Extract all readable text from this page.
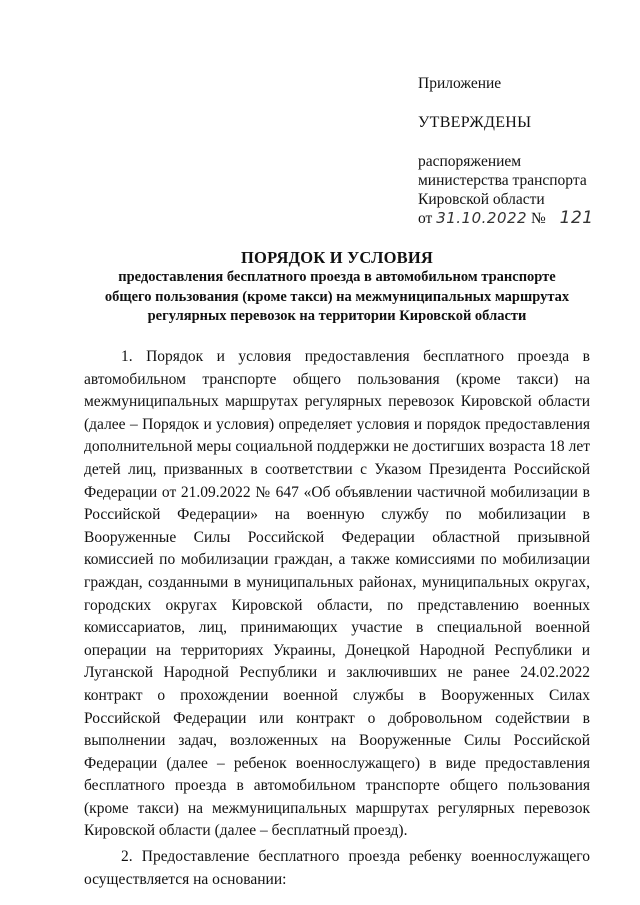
Приложение
УТВЕРЖДЕНЫ
распоряжением
министерства транспорта
Кировской области
от 31.10.2022 № 121
ПОРЯДОК И УСЛОВИЯ
предоставления бесплатного проезда в автомобильном транспорте
общего пользования (кроме такси) на межмуниципальных маршрутах
регулярных перевозок на территории Кировской области

1. Порядок и условия предоставления бесплатного проезда в автомобильном транспорте общего пользования (кроме такси) на межмуниципальных маршрутах регулярных перевозок Кировской области (далее – Порядок и условия) определяет условия и порядок предоставления дополнительной меры социальной поддержки не достигших возраста 18 лет детей лиц, призванных в соответствии с Указом Президента Российской Федерации от 21.09.2022 № 647 «Об объявлении частичной мобилизации в Российской Федерации» на военную службу по мобилизации в Вооруженные Силы Российской Федерации областной призывной комиссией по мобилизации граждан, а также комиссиями по мобилизации граждан, созданными в муниципальных районах, муниципальных округах, городских округах Кировской области, по представлению военных комиссариатов, лиц, принимающих участие в специальной военной операции на территориях Украины, Донецкой Народной Республики и Луганской Народной Республики и заключивших не ранее 24.02.2022 контракт о прохождении военной службы в Вооруженных Силах Российской Федерации или контракт о добровольном содействии в выполнении задач, возложенных на Вооруженные Силы Российской Федерации (далее – ребенок военнослужащего) в виде предоставления бесплатного проезда в автомобильном транспорте общего пользования (кроме такси) на межмуниципальных маршрутах регулярных перевозок Кировской области (далее – бесплатный проезд).

2. Предоставление бесплатного проезда ребенку военнослужащего осуществляется на основании:
